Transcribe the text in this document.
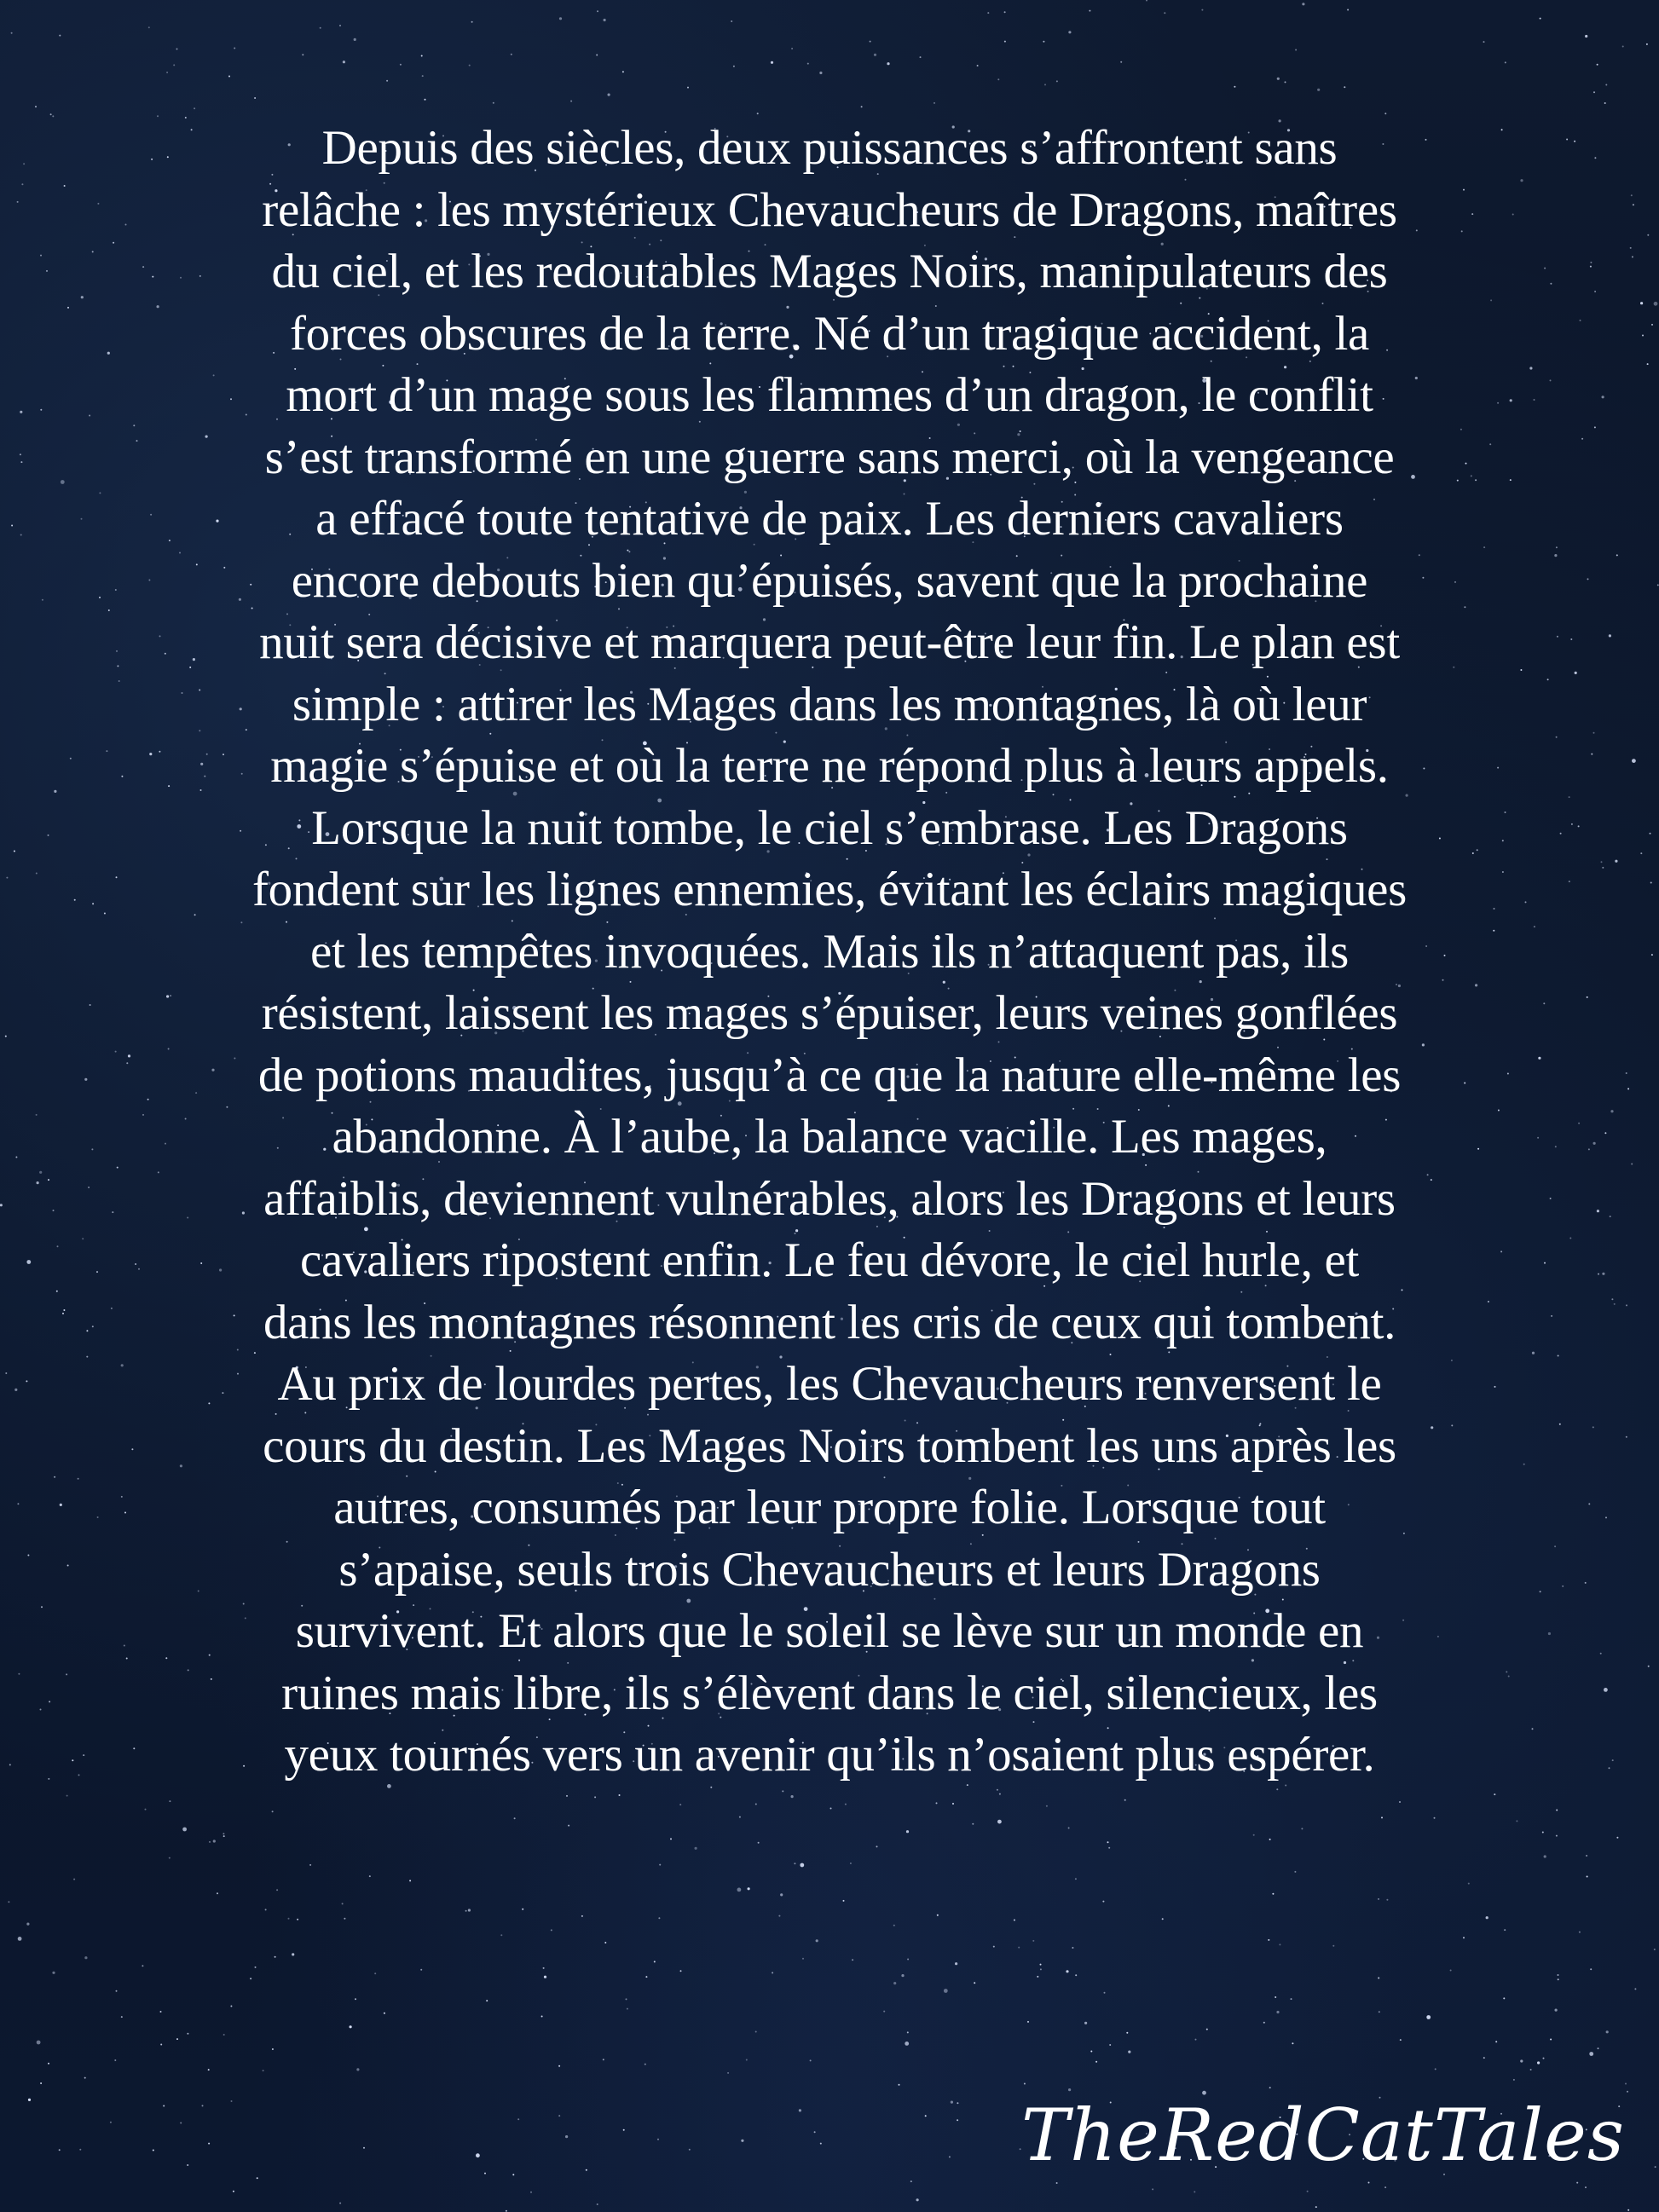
Depuis des siècles, deux puissances s’affrontent sans
relâche : les mystérieux Chevaucheurs de Dragons, maîtres
du ciel, et les redoutables Mages Noirs, manipulateurs des
forces obscures de la terre. Né d’un tragique accident, la
mort d’un mage sous les flammes d’un dragon, le conflit
s’est transformé en une guerre sans merci, où la vengeance
a effacé toute tentative de paix. Les derniers cavaliers
encore debouts bien qu’épuisés, savent que la prochaine
nuit sera décisive et marquera peut-être leur fin. Le plan est
simple : attirer les Mages dans les montagnes, là où leur
magie s’épuise et où la terre ne répond plus à leurs appels.
Lorsque la nuit tombe, le ciel s’embrase. Les Dragons
fondent sur les lignes ennemies, évitant les éclairs magiques
et les tempêtes invoquées. Mais ils n’attaquent pas, ils
résistent, laissent les mages s’épuiser, leurs veines gonflées
de potions maudites, jusqu’à ce que la nature elle-même les
abandonne. À l’aube, la balance vacille. Les mages,
affaiblis, deviennent vulnérables, alors les Dragons et leurs
cavaliers ripostent enfin. Le feu dévore, le ciel hurle, et
dans les montagnes résonnent les cris de ceux qui tombent.
Au prix de lourdes pertes, les Chevaucheurs renversent le
cours du destin. Les Mages Noirs tombent les uns après les
autres, consumés par leur propre folie. Lorsque tout
s’apaise, seuls trois Chevaucheurs et leurs Dragons
survivent. Et alors que le soleil se lève sur un monde en
ruines mais libre, ils s’élèvent dans le ciel, silencieux, les
yeux tournés vers un avenir qu’ils n’osaient plus espérer.
TheRedCatTales
